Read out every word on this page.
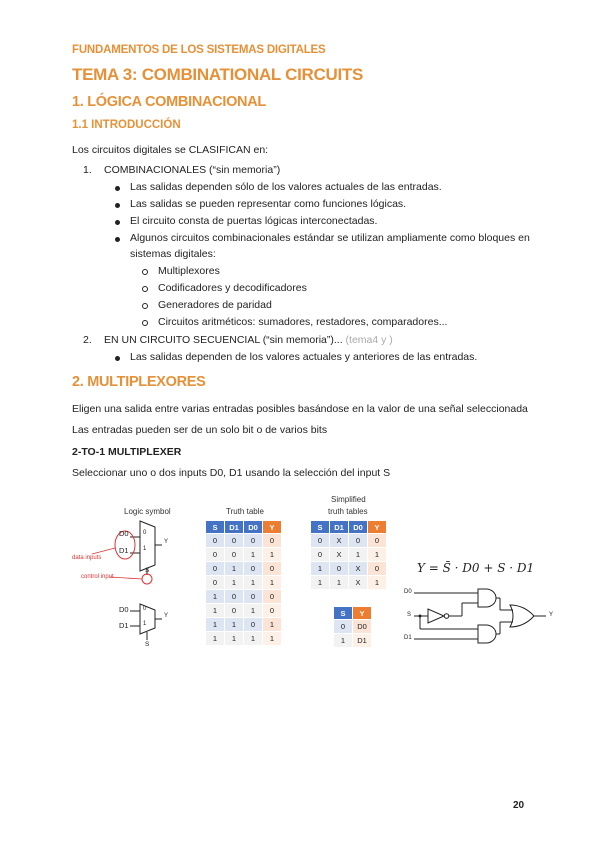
FUNDAMENTOS DE LOS SISTEMAS DIGITALES
TEMA 3: COMBINATIONAL CIRCUITS
1. LÓGICA COMBINACIONAL
1.1 INTRODUCCIÓN
Los circuitos digitales se CLASIFICAN en:
1. COMBINACIONALES (“sin memoria”)
Las salidas dependen sólo de los valores actuales de las entradas.
Las salidas se pueden representar como funciones lógicas.
El circuito consta de puertas lógicas interconectadas.
Algunos circuitos combinacionales estándar se utilizan ampliamente como bloques en
sistemas digitales:
Multiplexores
Codificadores y decodificadores
Generadores de paridad
Circuitos aritméticos: sumadores, restadores, comparadores...
2. EN UN CIRCUITO SECUENCIAL (“sin memoria”)... (tema4 y )
Las salidas dependen de los valores actuales y anteriores de las entradas.
2. MULTIPLEXORES
Eligen una salida entre varias entradas posibles basándose en la valor de una señal seleccionada
Las entradas pueden ser de un solo bit o de varios bits
2-TO-1 MULTIPLEXER
Seleccionar uno o dos inputs D0, D1 usando la selección del input S
Logic symbol	Truth table
Simplified
truth tables
D0
D1
0
1
Y
S
data inputs
control input
D0
D1
0
1
Y
S
S	D1	D0	Y
0	0	0	0
0	0	1	1
0	1	0	0
0	1	1	1
1	0	0	0
1	0	1	0
1	1	0	1
1	1	1	1
S	D1	D0	Y
0	X	0	0
0	X	1	1
1	0	X	0
1	1	X	1
S	Y
0	D0
1	D1
Y = S̄ · D0 + S · D1
D0
S
D1
Y
20
